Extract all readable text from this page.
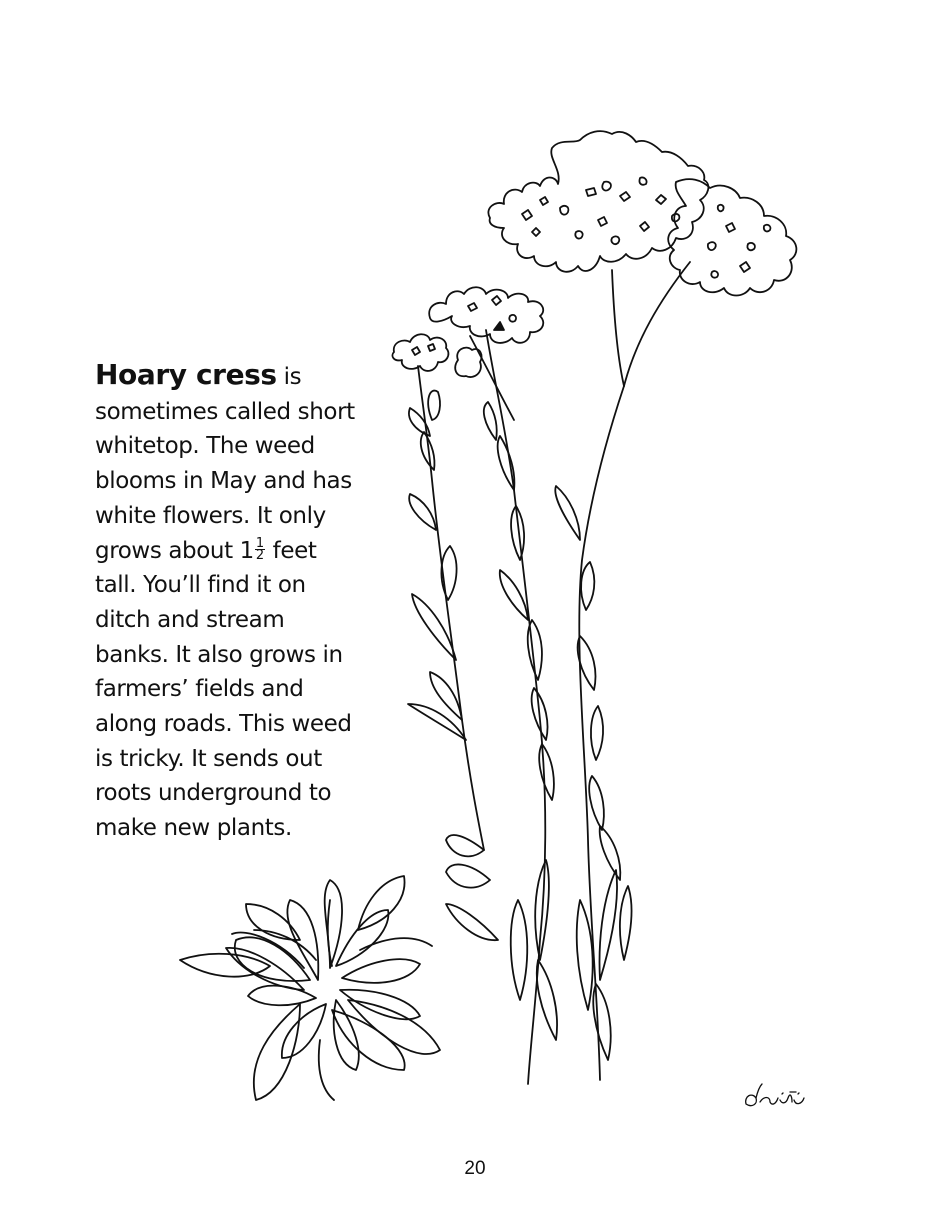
Hoary cress is
sometimes called short
whitetop. The weed
blooms in May and has
white flowers. It only
grows about $1 \frac{1}{2}$ feet
tall. You’ll find it on
ditch and stream
banks. It also grows in
farmers’ fields and
along roads. This weed
is tricky. It sends out
roots underground to
make new plants.
20
